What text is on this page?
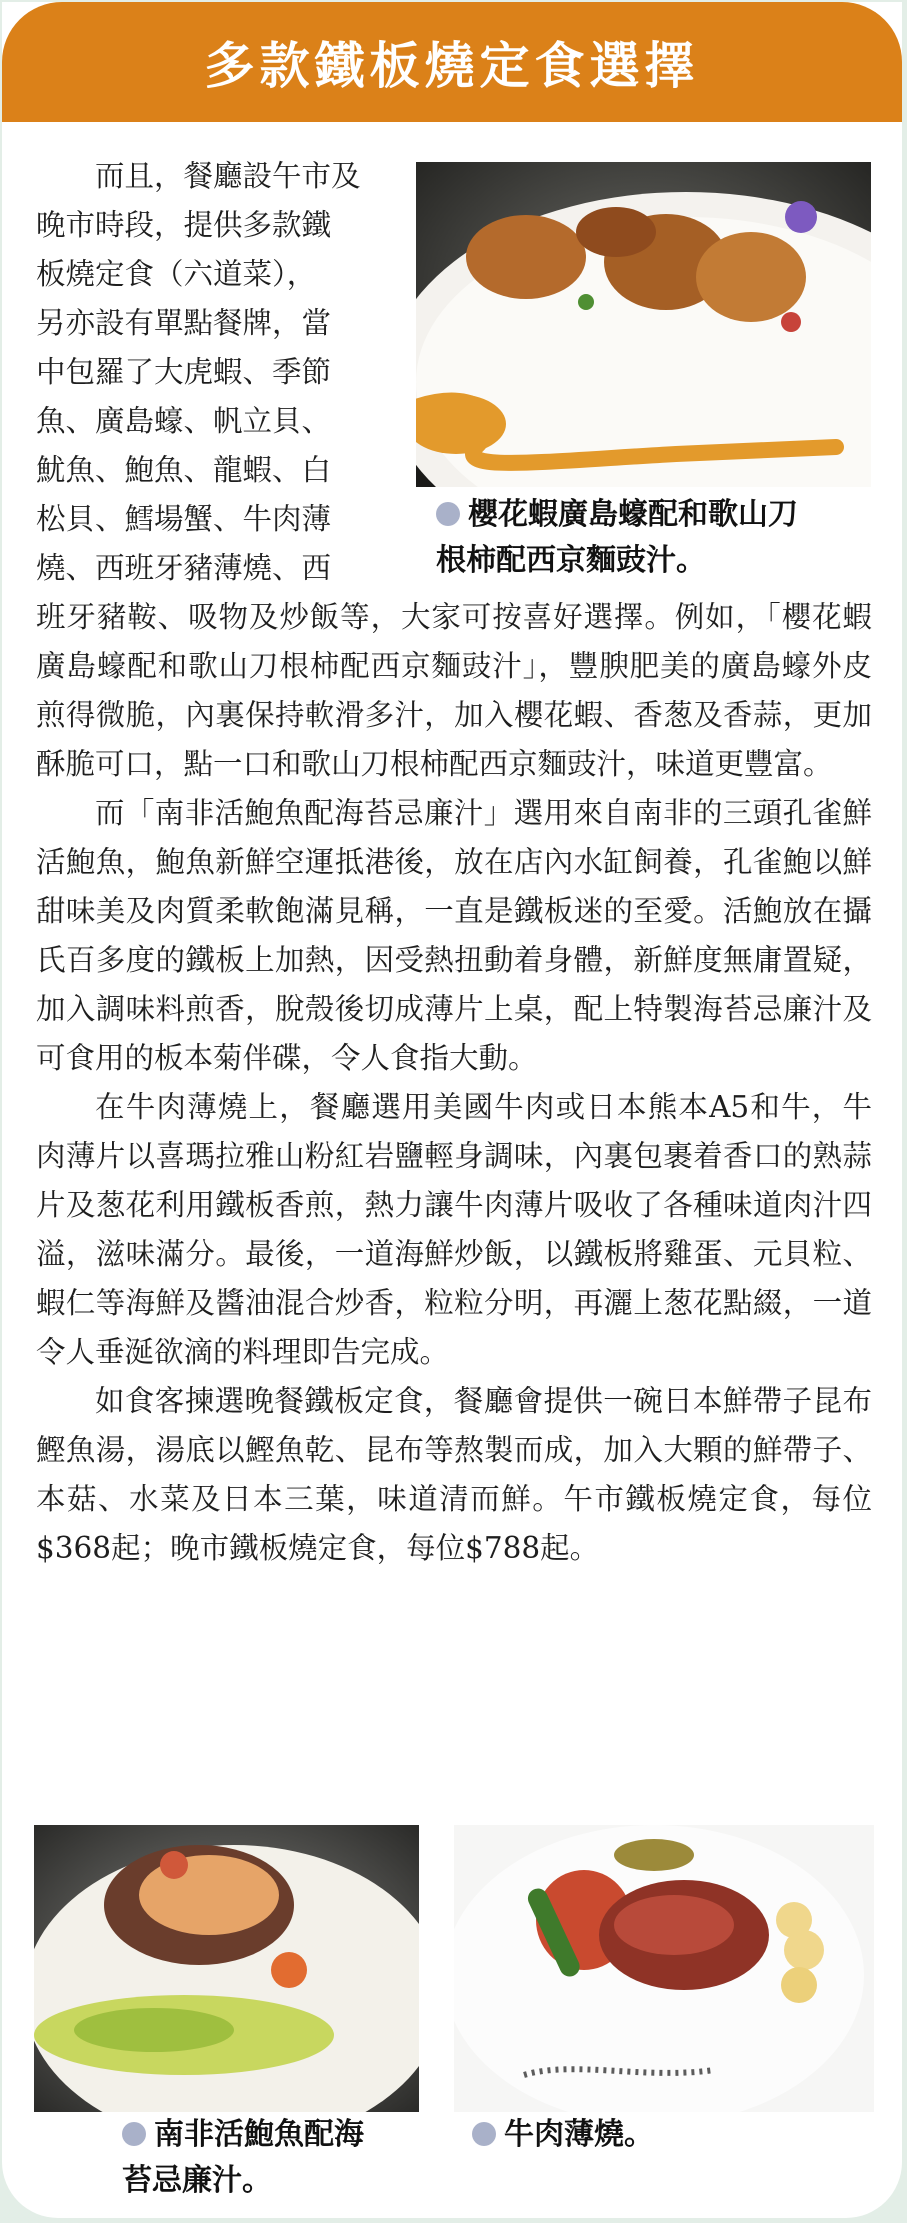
多款鐵板燒定食選擇
櫻花蝦廣島蠔配和歌山刀
根柿配西京麵豉汁。
而且，餐廳設午市及
晚市時段，提供多款鐵
板燒定食（六道菜），
另亦設有單點餐牌，當
中包羅了大虎蝦、季節
魚、廣島蠔、帆立貝、
魷魚、鮑魚、龍蝦、白
松貝、鱈場蟹、牛肉薄
燒、西班牙豬薄燒、西

班牙豬鞍、吸物及炒飯等，大家可按喜好選擇。例如，「櫻花蝦廣島蠔配和歌山刀根柿配西京麵豉汁」，豐腴肥美的廣島蠔外皮煎得微脆，內裏保持軟滑多汁，加入櫻花蝦、香葱及香蒜，更加酥脆可口，點一口和歌山刀根柿配西京麵豉汁，味道更豐富。

而「南非活鮑魚配海苔忌廉汁」選用來自南非的三頭孔雀鮮活鮑魚，鮑魚新鮮空運抵港後，放在店內水缸飼養，孔雀鮑以鮮甜味美及肉質柔軟飽滿見稱，一直是鐵板迷的至愛。活鮑放在攝氏百多度的鐵板上加熱，因受熱扭動着身體，新鮮度無庸置疑，加入調味料煎香，脫殼後切成薄片上桌，配上特製海苔忌廉汁及可食用的板本菊伴碟，令人食指大動。

在牛肉薄燒上，餐廳選用美國牛肉或日本熊本A5和牛，牛肉薄片以喜瑪拉雅山粉紅岩鹽輕身調味，內裏包裹着香口的熟蒜片及葱花利用鐵板香煎，熱力讓牛肉薄片吸收了各種味道肉汁四溢，滋味滿分。最後，一道海鮮炒飯，以鐵板將雞蛋、元貝粒、蝦仁等海鮮及醬油混合炒香，粒粒分明，再灑上葱花點綴，一道令人垂涎欲滴的料理即告完成。

如食客揀選晚餐鐵板定食，餐廳會提供一碗日本鮮帶子昆布鰹魚湯，湯底以鰹魚乾、昆布等熬製而成，加入大顆的鮮帶子、本菇、水菜及日本三葉，味道清而鮮。午市鐵板燒定食，每位$368起；晚市鐵板燒定食，每位$788起。

南非活鮑魚配海
苔忌廉汁。
牛肉薄燒。
